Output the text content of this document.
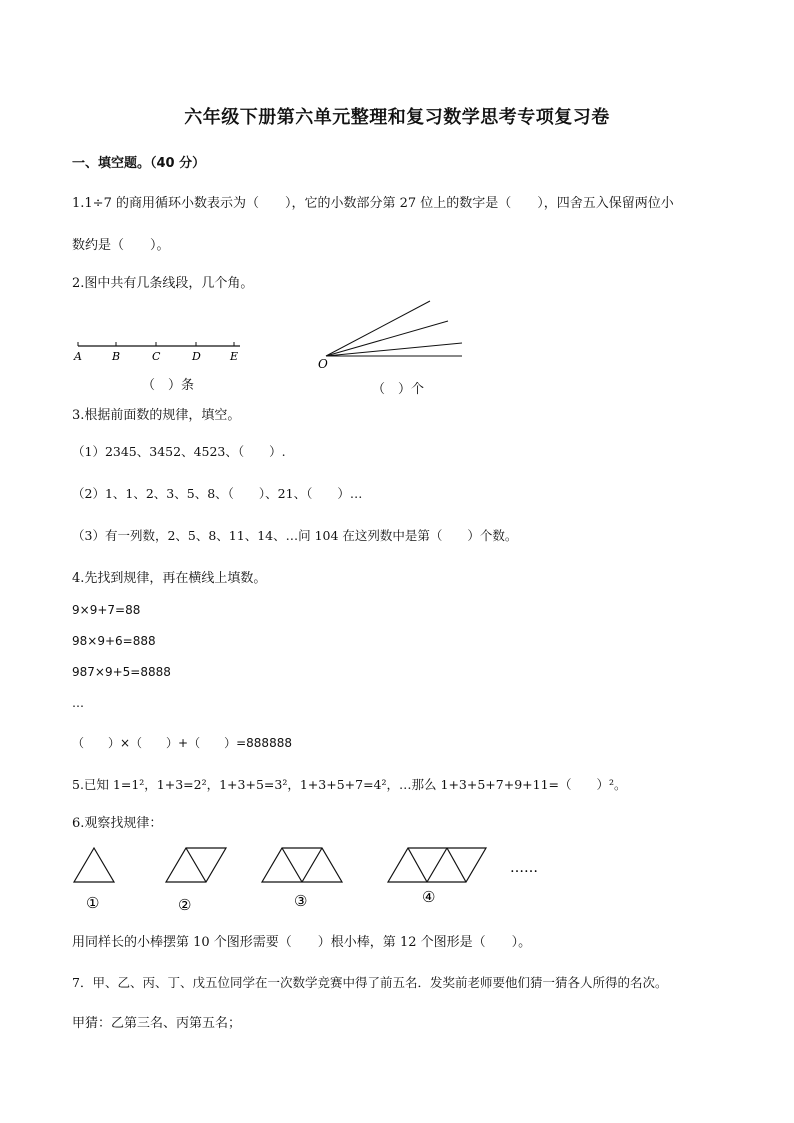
六年级下册第六单元整理和复习数学思考专项复习卷
一、填空题。（40 分）
1.1÷7 的商用循环小数表示为（　　），它的小数部分第 27 位上的数字是（　　），四舍五入保留两位小
数约是（　　）。
2.图中共有几条线段，几个角。
A	B	C	D	E
（　）条
O
（　）个
3.根据前面数的规律，填空。
（1）2345、3452、4523、（　　）.
（2）1、1、2、3、5、8、（　　）、21、（　　）…
（3）有一列数，2、5、8、11、14、…问 104 在这列数中是第（　　）个数。
4.先找到规律，再在横线上填数。
9×9+7=88
98×9+6=888
987×9+5=8888
…
（　　）×（　　）+（　　）=888888
5.已知 1=1²，1+3=2²，1+3+5=3²，1+3+5+7=4²，…那么 1+3+5+7+9+11=（　　）²。
6.观察找规律：
①	②	③	④
……
用同样长的小棒摆第 10 个图形需要（　　）根小棒，第 12 个图形是（　　）。
7．甲、乙、丙、丁、戊五位同学在一次数学竞赛中得了前五名．发奖前老师要他们猜一猜各人所得的名次。
甲猜：乙第三名、丙第五名；
